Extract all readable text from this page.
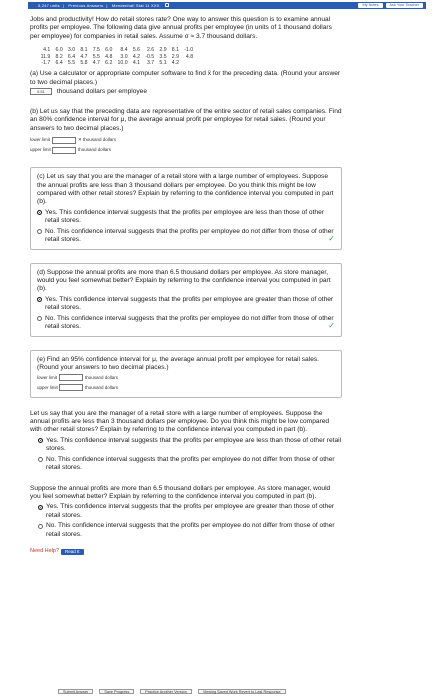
5,247 units | Previous Answers | Mendenhall Stat 11 XXX	My Notes	Ask Your Teacher

Jobs and productivity! How do retail stores rate? One way to answer this question is to examine annual profits per employee. The following data give annual profits per employee (in units of 1 thousand dollars per employee) for companies in retail sales. Assume σ ≈ 3.7 thousand dollars.

4.1	6.0	3.0	8.1	7.5	6.0	8.4	5.6	2.6	2.9	8.1	-1.0
11.9	8.2	6.4	4.7	5.5	4.8	3.0	4.2	-0.5	3.5	2.9	4.8
-1.7	6.4	5.5	5.8	4.7	6.2	10.0	4.1	3.7	5.1	4.2	

(a) Use a calculator or appropriate computer software to find x̄ for the preceding data. (Round your answer to two decimal places.)

5.51 thousand dollars per employee

(b) Let us say that the preceding data are representative of the entire sector of retail sales companies. Find an 80% confidence interval for μ, the average annual profit per employee for retail sales. (Round your answers to two decimal places.)

lower limit	✕ thousand dollars
upper limit	thousand dollars

(c) Let us say that you are the manager of a retail store with a large number of employees. Suppose the annual profits are less than 3 thousand dollars per employee. Do you think this might be low compared with other retail stores? Explain by referring to the confidence interval you computed in part (b).

Yes. This confidence interval suggests that the profits per employee are less than those of other retail stores.
No. This confidence interval suggests that the profits per employee do not differ from those of other retail stores.	✓

(d) Suppose the annual profits are more than 6.5 thousand dollars per employee. As store manager, would you feel somewhat better? Explain by referring to the confidence interval you computed in part (b).

Yes. This confidence interval suggests that the profits per employee are greater than those of other retail stores.
No. This confidence interval suggests that the profits per employee do not differ from those of other retail stores.	✓

(e) Find an 95% confidence interval for μ, the average annual profit per employee for retail sales. (Round your answers to two decimal places.)

lower limit	thousand dollars
upper limit	thousand dollars

Let us say that you are the manager of a retail store with a large number of employees. Suppose the annual profits are less than 3 thousand dollars per employee. Do you think this might be low compared with other retail stores? Explain by referring to the confidence interval you computed in part (b).

Yes. This confidence interval suggests that the profits per employee are less than those of other retail stores.
No. This confidence interval suggests that the profits per employee do not differ from those of other retail stores.

Suppose the annual profits are more than 6.5 thousand dollars per employee. As store manager, would you feel somewhat better? Explain by referring to the confidence interval you computed in part (b).

Yes. This confidence interval suggests that the profits per employee are greater than those of other retail stores.
No. This confidence interval suggests that the profits per employee do not differ from those of other retail stores.
Need Help?	Read It
Submit Answer	Save Progress	Practice Another Version	Viewing Saved Work Revert to Last Response
